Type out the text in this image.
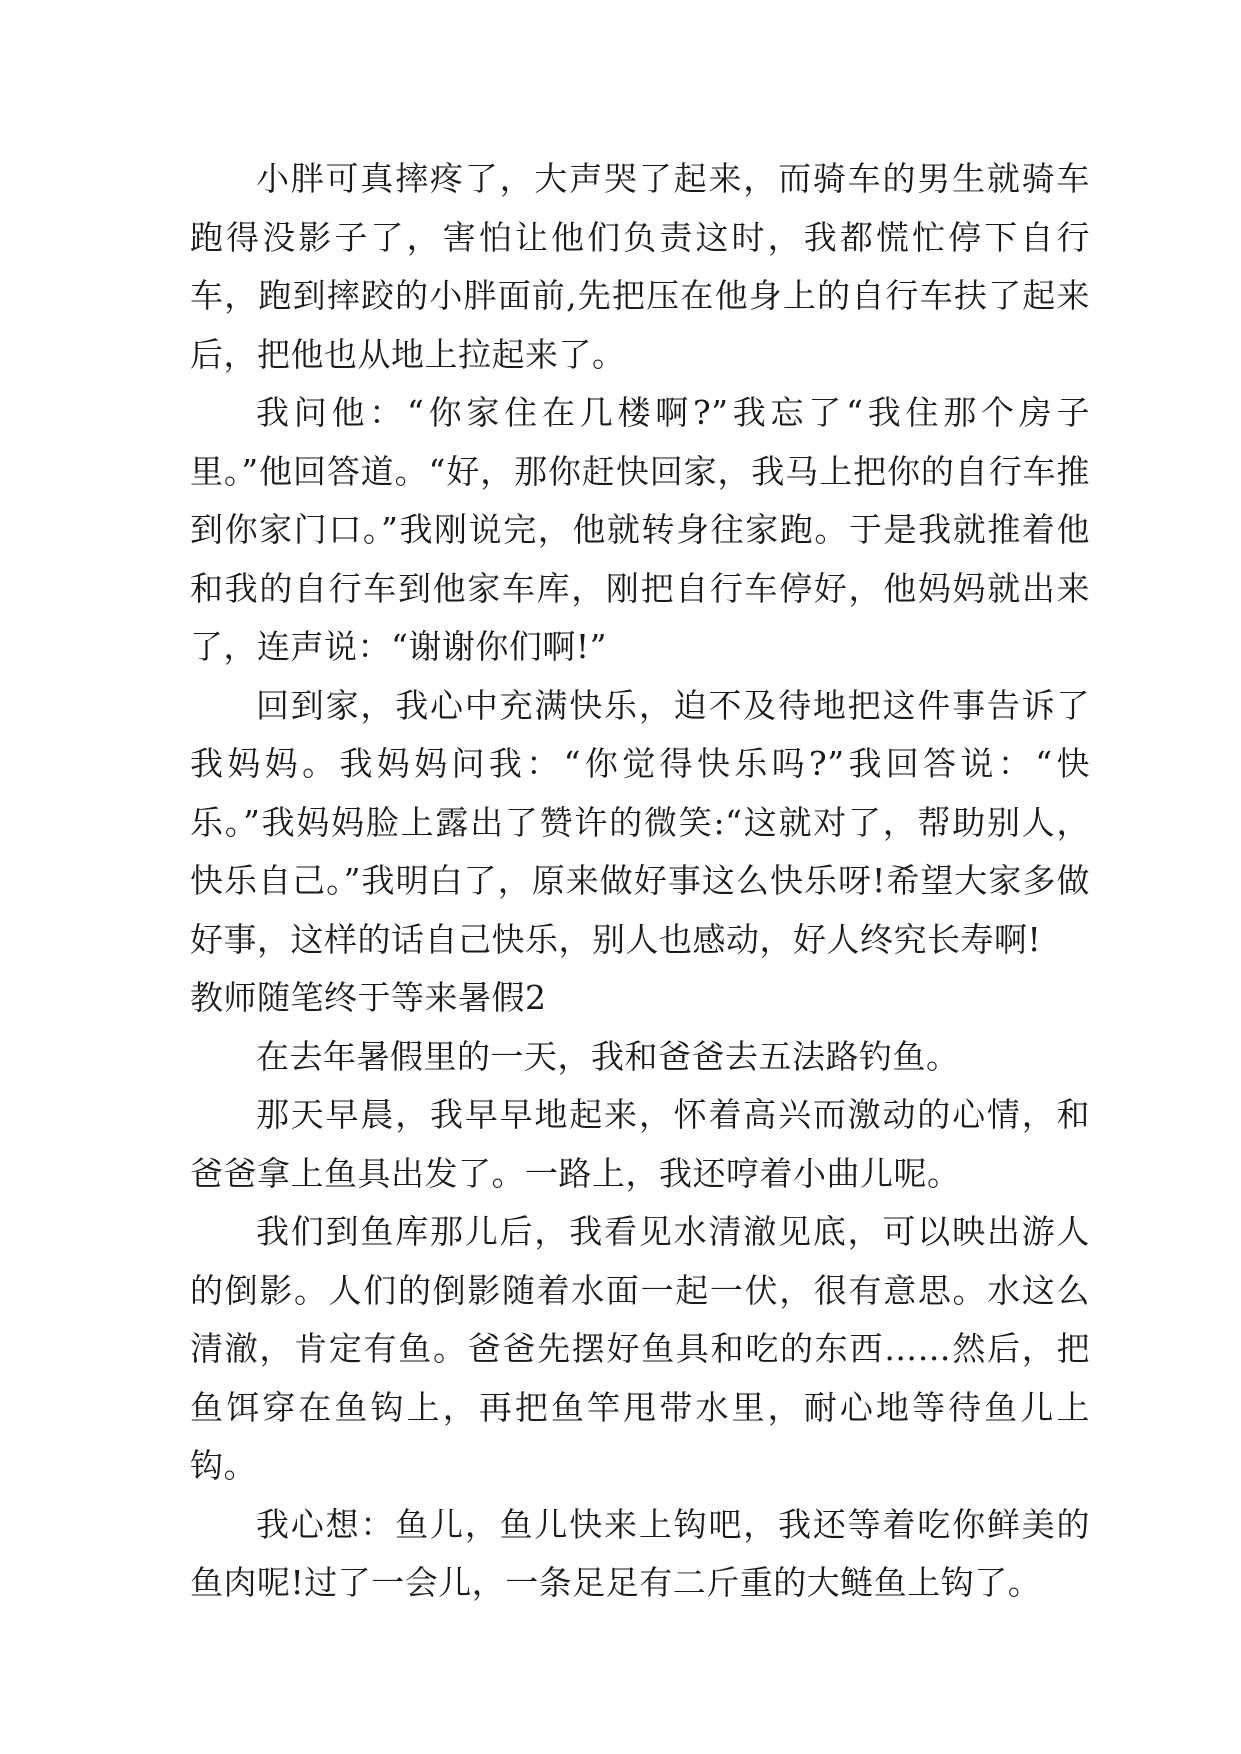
小胖可真摔疼了，大声哭了起来，而骑车的男生就骑车跑得没影子了，害怕让他们负责这时，我都慌忙停下自行车，跑到摔跤的小胖面前,先把压在他身上的自行车扶了起来后，把他也从地上拉起来了。

我问他：“你家住在几楼啊?”我忘了“我住那个房子里。”他回答道。“好，那你赶快回家，我马上把你的自行车推到你家门口。”我刚说完，他就转身往家跑。于是我就推着他和我的自行车到他家车库，刚把自行车停好，他妈妈就出来了，连声说：“谢谢你们啊!”

回到家，我心中充满快乐，迫不及待地把这件事告诉了我妈妈。我妈妈问我：“你觉得快乐吗?”我回答说：“快乐。”我妈妈脸上露出了赞许的微笑:“这就对了，帮助别人，快乐自己。”我明白了，原来做好事这么快乐呀!希望大家多做好事，这样的话自己快乐，别人也感动，好人终究长寿啊!

教师随笔终于等来暑假2

在去年暑假里的一天，我和爸爸去五法路钓鱼。

那天早晨，我早早地起来，怀着高兴而激动的心情，和爸爸拿上鱼具出发了。一路上，我还哼着小曲儿呢。

我们到鱼库那儿后，我看见水清澈见底，可以映出游人的倒影。人们的倒影随着水面一起一伏，很有意思。水这么清澈，肯定有鱼。爸爸先摆好鱼具和吃的东西……然后，把鱼饵穿在鱼钩上，再把鱼竿甩带水里，耐心地等待鱼儿上钩。

我心想：鱼儿，鱼儿快来上钩吧，我还等着吃你鲜美的鱼肉呢!过了一会儿，一条足足有二斤重的大鲢鱼上钩了。
